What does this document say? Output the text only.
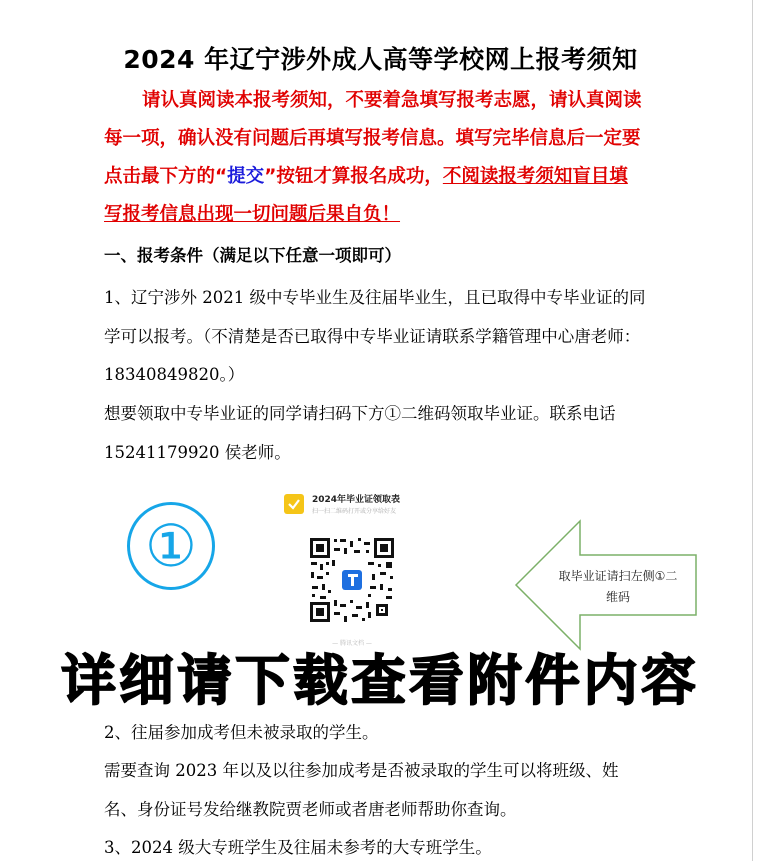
2024 年辽宁涉外成人高等学校网上报考须知
请认真阅读本报考须知，不要着急填写报考志愿，请认真阅读每一项，确认没有问题后再填写报考信息。填写完毕信息后一定要点击最下方的“提交”按钮才算报名成功，不阅读报考须知盲目填写报考信息出现一切问题后果自负！
一、报考条件（满足以下任意一项即可）
1、辽宁涉外 2021 级中专毕业生及往届毕业生，且已取得中专毕业证的同学可以报考。（不清楚是否已取得中专毕业证请联系学籍管理中心唐老师：18340849820。）
想要领取中专毕业证的同学请扫码下方①二维码领取毕业证。联系电话 15241179920 侯老师。
①
2024年毕业证领取表
扫一扫二维码打开或分享给好友
— 腾讯文档 —
取毕业证请扫左侧①二维码
详细请下载查看附件内容
2、往届参加成考但未被录取的学生。
需要查询 2023 年以及以往参加成考是否被录取的学生可以将班级、姓名、身份证号发给继教院贾老师或者唐老师帮助你查询。
3、2024 级大专班学生及往届未参考的大专班学生。
